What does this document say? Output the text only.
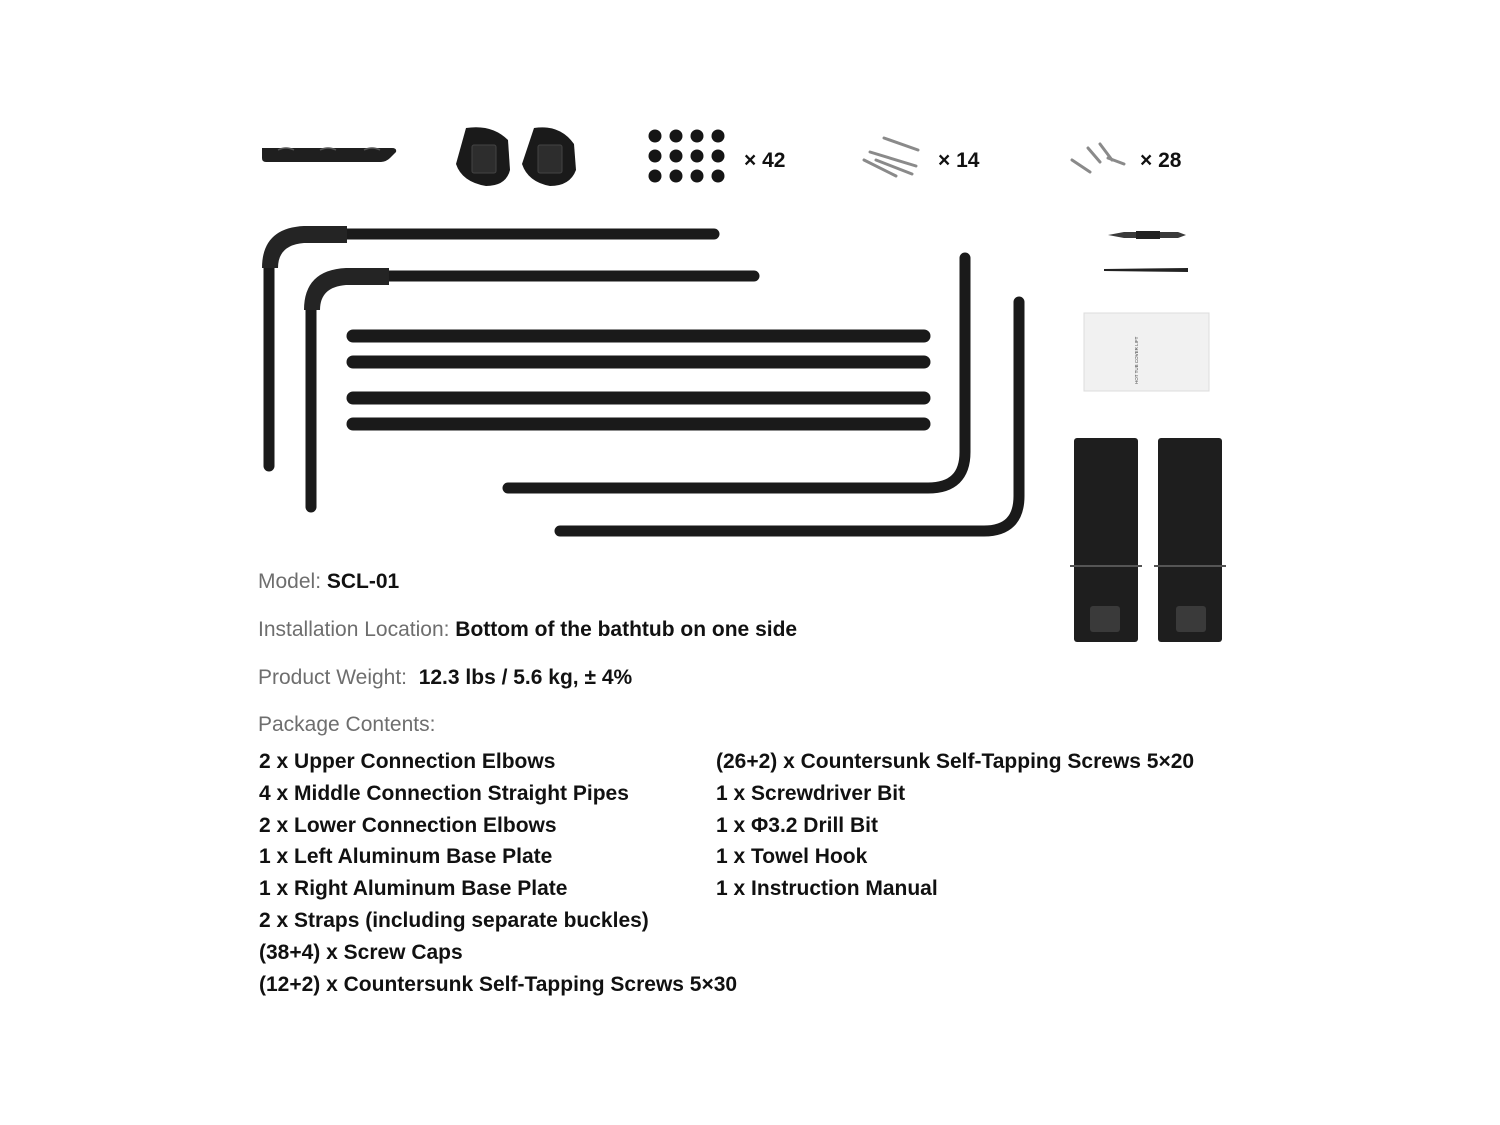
HOT TUB COVER LIFT
× 42	× 14	× 28
Model: SCL-01
Installation Location: Bottom of the bathtub on one side
Product Weight:  12.3 lbs / 5.6 kg, ± 4%
Package Contents:
2 x Upper Connection Elbows
4 x Middle Connection Straight Pipes
2 x Lower Connection Elbows
1 x Left Aluminum Base Plate
1 x Right Aluminum Base Plate
2 x Straps (including separate buckles)
(38+4) x Screw Caps
(12+2) x Countersunk Self-Tapping Screws 5×30
(26+2) x Countersunk Self-Tapping Screws 5×20
1 x Screwdriver Bit
1 x Φ3.2 Drill Bit
1 x Towel Hook
1 x Instruction Manual
